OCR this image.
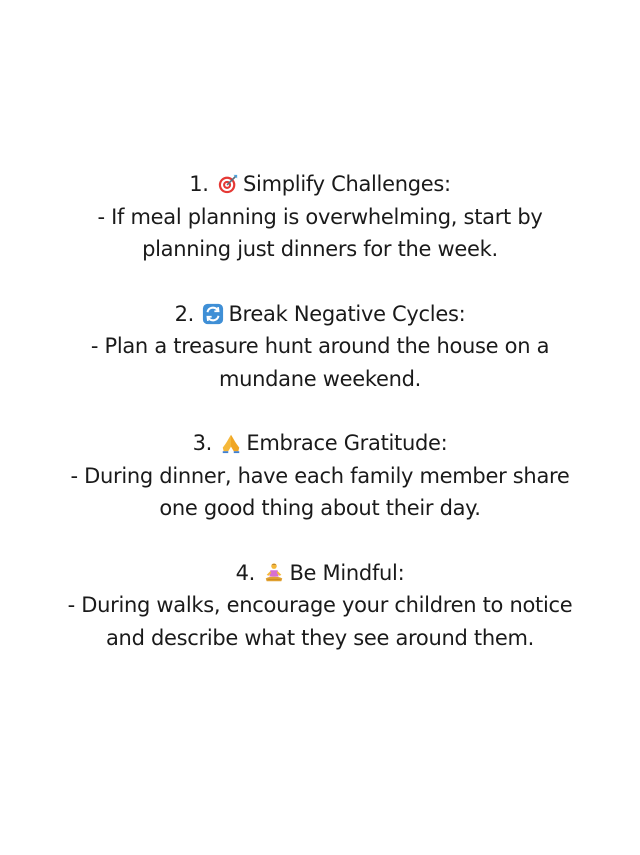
1. Simplify Challenges:
- If meal planning is overwhelming, start by
planning just dinners for the week.
2. Break Negative Cycles:
- Plan a treasure hunt around the house on a
mundane weekend.
3. Embrace Gratitude:
- During dinner, have each family member share
one good thing about their day.
4. Be Mindful:
- During walks, encourage your children to notice
and describe what they see around them.
